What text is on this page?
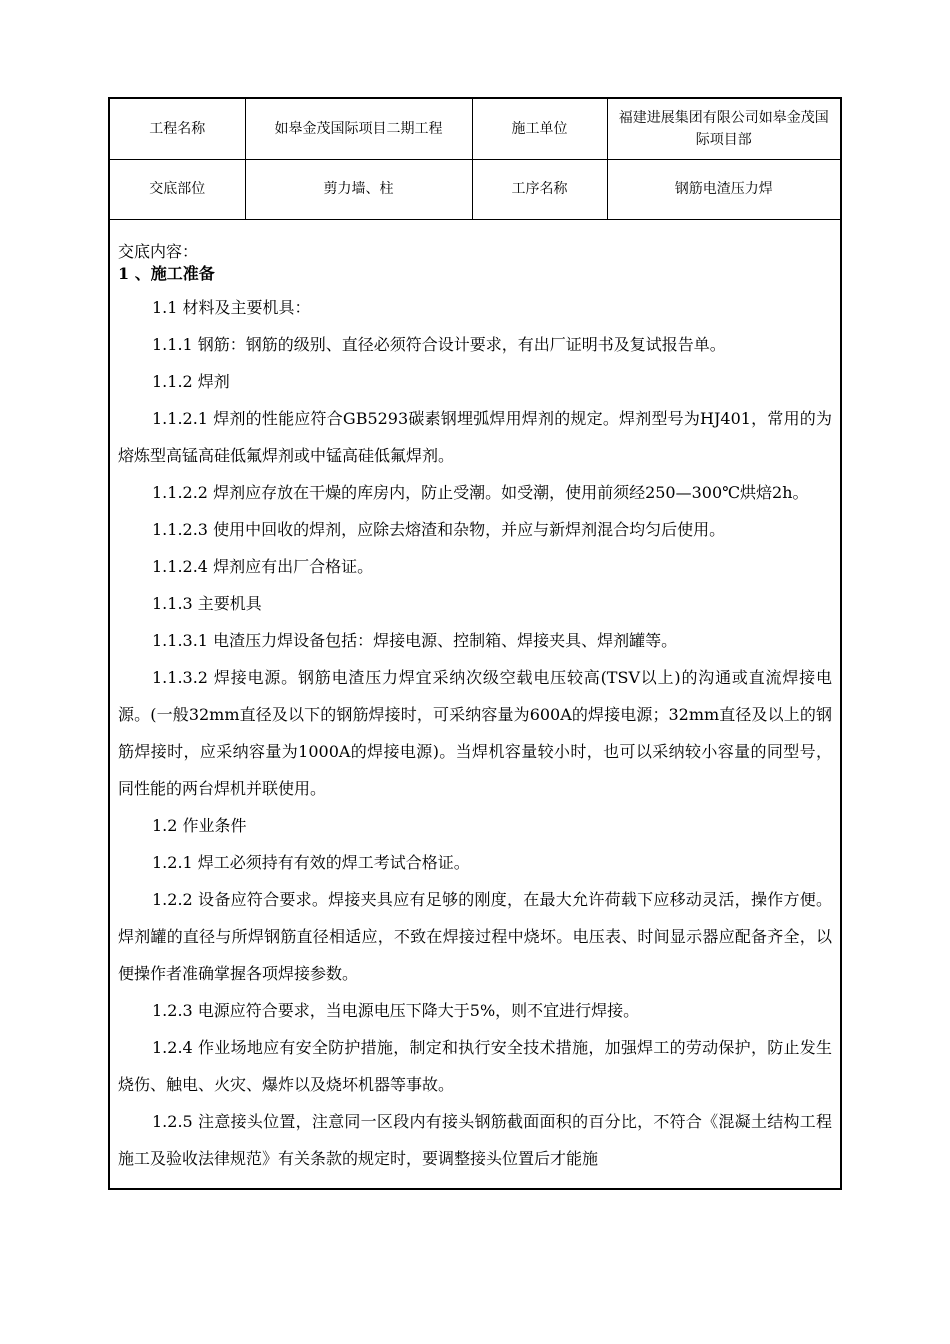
工程名称	如皋金茂国际项目二期工程	施工单位	福建进展集团有限公司如皋金茂国际项目部
交底部位	剪力墙、柱	工序名称	钢筋电渣压力焊

交底内容：

1 、施工准备

1.1 材料及主要机具：

1.1.1 钢筋：钢筋的级别、直径必须符合设计要求，有出厂证明书及复试报告单。

1.1.2 焊剂

1.1.2.1 焊剂的性能应符合GB5293碳素钢埋弧焊用焊剂的规定。焊剂型号为HJ401，常用的为熔炼型高锰高硅低氟焊剂或中锰高硅低氟焊剂。

1.1.2.2 焊剂应存放在干燥的库房内，防止受潮。如受潮，使用前须经250—300℃烘焙2h。

1.1.2.3 使用中回收的焊剂，应除去熔渣和杂物，并应与新焊剂混合均匀后使用。

1.1.2.4 焊剂应有出厂合格证。

1.1.3 主要机具

1.1.3.1 电渣压力焊设备包括：焊接电源、控制箱、焊接夹具、焊剂罐等。

1.1.3.2 焊接电源。钢筋电渣压力焊宜采纳次级空载电压较高(TSV以上)的沟通或直流焊接电源。(一般32mm直径及以下的钢筋焊接时，可采纳容量为600A的焊接电源；32mm直径及以上的钢筋焊接时，应采纳容量为1000A的焊接电源)。当焊机容量较小时，也可以采纳较小容量的同型号，同性能的两台焊机并联使用。

1.2 作业条件

1.2.1 焊工必须持有有效的焊工考试合格证。

1.2.2 设备应符合要求。焊接夹具应有足够的刚度，在最大允许荷载下应移动灵活，操作方便。焊剂罐的直径与所焊钢筋直径相适应，不致在焊接过程中烧坏。电压表、时间显示器应配备齐全，以便操作者准确掌握各项焊接参数。

1.2.3 电源应符合要求，当电源电压下降大于5%，则不宜进行焊接。

1.2.4 作业场地应有安全防护措施，制定和执行安全技术措施，加强焊工的劳动保护，防止发生烧伤、触电、火灾、爆炸以及烧坏机器等事故。

1.2.5 注意接头位置，注意同一区段内有接头钢筋截面面积的百分比，不符合《混凝土结构工程施工及验收法律规范》有关条款的规定时，要调整接头位置后才能施
